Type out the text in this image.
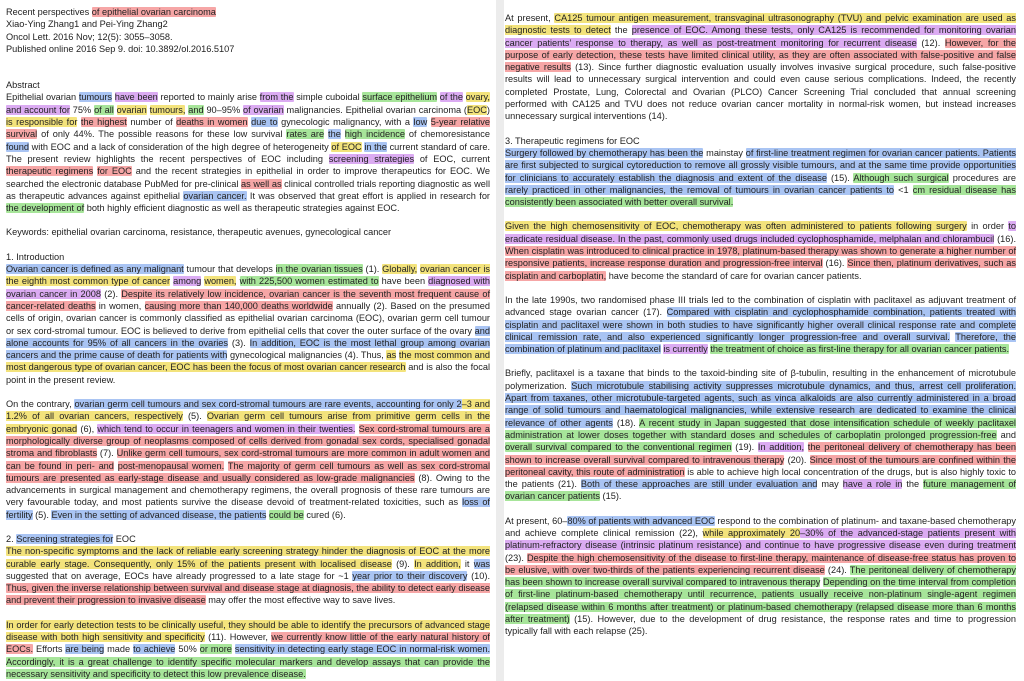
Recent perspectives of epithelial ovarian carcinoma
Xiao-Ying Zhang1 and Pei-Ying Zhang2
Oncol Lett. 2016 Nov; 12(5): 3055–3058.
Published online 2016 Sep 9. doi: 10.3892/ol.2016.5107
Abstract

Epithelial ovarian tumours have been reported to mainly arise from the simple cuboidal surface epithelium of the ovary, and account for 75% of all ovarian tumours, and 90–95% of ovarian malignancies. Epithelial ovarian carcinoma (EOC) is responsible for the highest number of deaths in women due to gynecologic malignancy, with a low 5-year relative survival of only 44%. The possible reasons for these low survival rates are the high incidence of chemoresistance found with EOC and a lack of consideration of the high degree of heterogeneity of EOC in the current standard of care. The present review highlights the recent perspectives of EOC including screening strategies of EOC, current therapeutic regimens for EOC and the recent strategies in epithelial in order to improve therapeutics for EOC. We searched the electronic database PubMed for pre-clinical as well as clinical controlled trials reporting diagnostic as well as therapeutic advances against epithelial ovarian cancer. It was observed that great effort is applied in research for the development of both highly efficient diagnostic as well as therapeutic strategies against EOC.

Keywords: epithelial ovarian carcinoma, resistance, therapeutic avenues, gynecological cancer

1. Introduction

Ovarian cancer is defined as any malignant tumour that develops in the ovarian tissues (1). Globally, ovarian cancer is the eighth most common type of cancer among women, with 225,500 women estimated to have been diagnosed with ovarian cancer in 2008 (2). Despite its relatively low incidence, ovarian cancer is the seventh most frequent cause of cancer-related deaths in women, causing more than 140,000 deaths worldwide annually (2). Based on the presumed cells of origin, ovarian cancer is commonly classified as epithelial ovarian carcinoma (EOC), ovarian germ cell tumour or sex cord-stromal tumour. EOC is believed to derive from epithelial cells that cover the outer surface of the ovary and alone accounts for 95% of all cancers in the ovaries (3). In addition, EOC is the most lethal group among ovarian cancers and the prime cause of death for patients with gynecological malignancies (4). Thus, as the most common and most dangerous type of ovarian cancer, EOC has been the focus of most ovarian cancer research and is also the focal point in the present review.

On the contrary, ovarian germ cell tumours and sex cord-stromal tumours are rare events, accounting for only 2–3 and 1.2% of all ovarian cancers, respectively (5). Ovarian germ cell tumours arise from primitive germ cells in the embryonic gonad (6), which tend to occur in teenagers and women in their twenties. Sex cord-stromal tumours are a morphologically diverse group of neoplasms composed of cells derived from gonadal sex cords, specialised gonadal stroma and fibroblasts (7). Unlike germ cell tumours, sex cord-stromal tumours are more common in adult women and can be found in peri- and post-menopausal women. The majority of germ cell tumours as well as sex cord-stromal tumours are presented as early-stage disease and usually considered as low-grade malignancies (8). Owing to the advancements in surgical management and chemotherapy regimens, the overall prognosis of these rare tumours are very favourable today, and most patients survive the disease devoid of treatment-related toxicities, such as loss of fertility (5). Even in the setting of advanced disease, the patients could be cured (6).

2. Screening strategies for EOC

The non-specific symptoms and the lack of reliable early screening strategy hinder the diagnosis of EOC at the more curable early stage. Consequently, only 15% of the patients present with localised disease (9). In addition, it was suggested that on average, EOCs have already progressed to a late stage for ~1 year prior to their discovery (10). Thus, given the inverse relationship between survival and disease stage at diagnosis, the ability to detect early disease and prevent their progression to invasive disease may offer the most effective way to save lives.

In order for early detection tests to be clinically useful, they should be able to identify the precursors of advanced stage disease with both high sensitivity and specificity (11). However, we currently know little of the early natural history of EOCs. Efforts are being made to achieve 50% or more sensitivity in detecting early stage EOC in normal-risk women. Accordingly, it is a great challenge to identify specific molecular markers and develop assays that can provide the necessary sensitivity and specificity to detect this low prevalence disease.

At present, CA125 tumour antigen measurement, transvaginal ultrasonography (TVU) and pelvic examination are used as diagnostic tests to detect the presence of EOC. Among these tests, only CA125 is recommended for monitoring ovarian cancer patients’ response to therapy, as well as post-treatment monitoring for recurrent disease (12). However, for the purpose of early detection, these tests have limited clinical utility, as they are often associated with false-positive and false negative results (13). Since further diagnostic evaluation usually involves invasive surgical procedure, such false-positive results will lead to unnecessary surgical intervention and could even cause serious complications. Indeed, the recently completed Prostate, Lung, Colorectal and Ovarian (PLCO) Cancer Screening Trial concluded that annual screening performed with CA125 and TVU does not reduce ovarian cancer mortality in normal-risk women, but instead increases unnecessary surgical interventions (14).

3. Therapeutic regimens for EOC

Surgery followed by chemotherapy has been the mainstay of first-line treatment regimen for ovarian cancer patients. Patients are first subjected to surgical cytoreduction to remove all grossly visible tumours, and at the same time provide opportunities for clinicians to accurately establish the diagnosis and extent of the disease (15). Although such surgical procedures are rarely practiced in other malignancies, the removal of tumours in ovarian cancer patients to <1 cm residual disease has consistently been associated with better overall survival.

Given the high chemosensitivity of EOC, chemotherapy was often administered to patients following surgery in order to eradicate residual disease. In the past, commonly used drugs included cyclophosphamide, melphalan and chlorambucil (16). When cisplatin was introduced to clinical practice in 1978, platinum-based therapy was shown to generate a higher number of responsive patients, increase response duration and progression-free interval (16). Since then, platinum derivatives, such as cisplatin and carboplatin, have become the standard of care for ovarian cancer patients.

In the late 1990s, two randomised phase III trials led to the combination of cisplatin with paclitaxel as adjuvant treatment of advanced stage ovarian cancer (17). Compared with cisplatin and cyclophosphamide combination, patients treated with cisplatin and paclitaxel were shown in both studies to have significantly higher overall clinical response rate and complete clinical remission rate, and also experienced significantly longer progression-free and overall survival. Therefore, the combination of platinum and paclitaxel is currently the treatment of choice as first-line therapy for all ovarian cancer patients.

Briefly, paclitaxel is a taxane that binds to the taxoid-binding site of β-tubulin, resulting in the enhancement of microtubule polymerization. Such microtubule stabilising activity suppresses microtubule dynamics, and thus, arrest cell proliferation. Apart from taxanes, other microtubule-targeted agents, such as vinca alkaloids are also currently administered in a broad range of solid tumours and haematological malignancies, while extensive research are dedicated to examine the clinical relevance of other agents (18). A recent study in Japan suggested that dose intensification schedule of weekly paclitaxel administration at lower doses together with standard doses and schedules of carboplatin prolonged progression-free and overall survival compared to the conventional regimen (19). In addition, the peritoneal delivery of chemotherapy has been shown to increase overall survival compared to intravenous therapy (20). Since most of the tumours are confined within the peritoneal cavity, this route of administration is able to achieve high local concentration of the drugs, but is also highly toxic to the patients (21). Both of these approaches are still under evaluation and may have a role in the future management of ovarian cancer patients (15).

At present, 60–80% of patients with advanced EOC respond to the combination of platinum- and taxane-based chemotherapy and achieve complete clinical remission (22), while approximately 20–30% of the advanced-stage patients present with platinum-refractory disease (intrinsic platinum resistance) and continue to have progressive disease even during treatment (23). Despite the high chemosensitivity of the disease to first-line therapy, maintenance of disease-free status has proven to be elusive, with over two-thirds of the patients experiencing recurrent disease (24). The peritoneal delivery of chemotherapy has been shown to increase overall survival compared to intravenous therapy Depending on the time interval from completion of first-line platinum-based chemotherapy until recurrence, patients usually receive non-platinum single-agent regimen (relapsed disease within 6 months after treatment) or platinum-based chemotherapy (relapsed disease more than 6 months after treatment) (15). However, due to the development of drug resistance, the response rates and time to progression typically fall with each relapse (25).
